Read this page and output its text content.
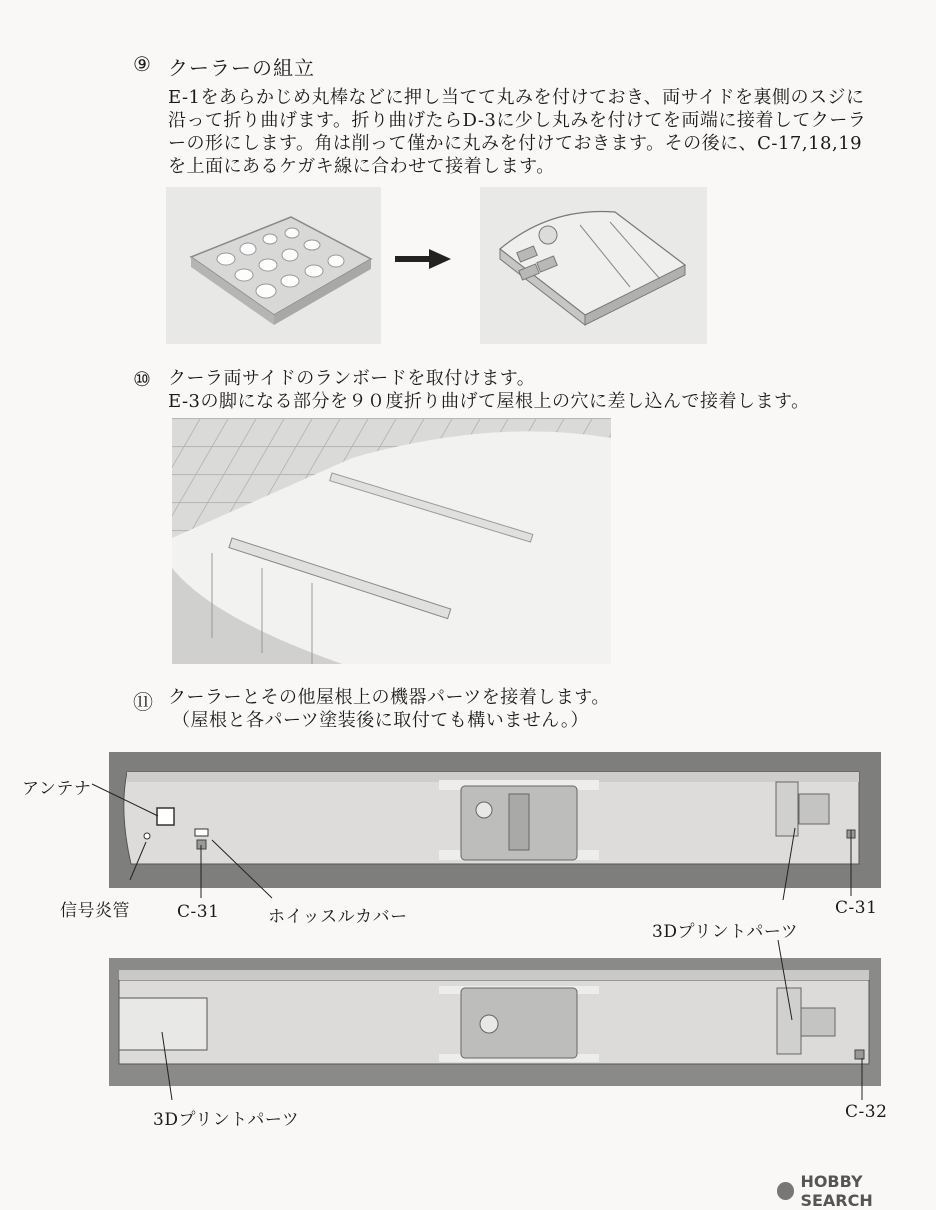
⑨ クーラーの組立
E-1をあらかじめ丸棒などに押し当てて丸みを付けておき、両サイドを裏側のスジに
沿って折り曲げます。折り曲げたらD-3に少し丸みを付けてを両端に接着してクーラ
ーの形にします。角は削って僅かに丸みを付けておきます。その後に、C-17,18,19
を上面にあるケガキ線に合わせて接着します。
⑩ クーラ両サイドのランボードを取付けます。
E-3の脚になる部分を９０度折り曲げて屋根上の穴に差し込んで接着します。
⑪ クーラーとその他屋根上の機器パーツを接着します。
（屋根と各パーツ塗装後に取付ても構いません。）
アンテナ
信号炎管	C-31	ホイッスルカバー	C-31
3Dプリントパーツ
3Dプリントパーツ	C-32
HOBBY SEARCH
